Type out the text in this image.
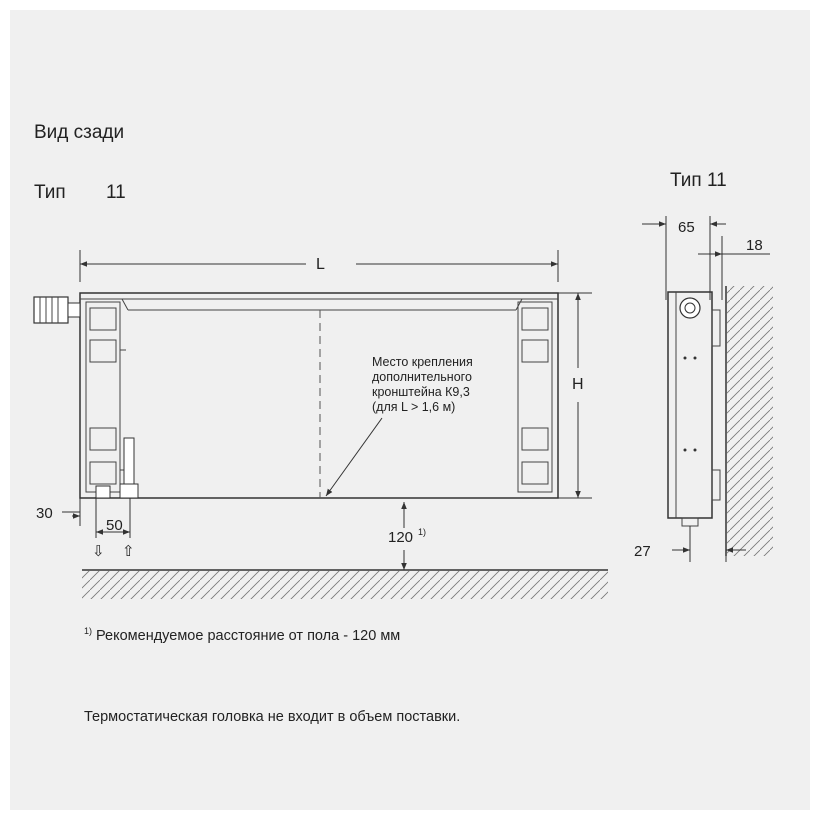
Вид сзади
Тип 11
Тип 11
L
H
Место крепления
дополнительного
кронштейна К9,3
(для L > 1,6 м)
30
50
⇩ ⇧
120 1)
65
18
27
1) Рекомендуемое расстояние от пола - 120 мм
Термостатическая головка не входит в объем поставки.
